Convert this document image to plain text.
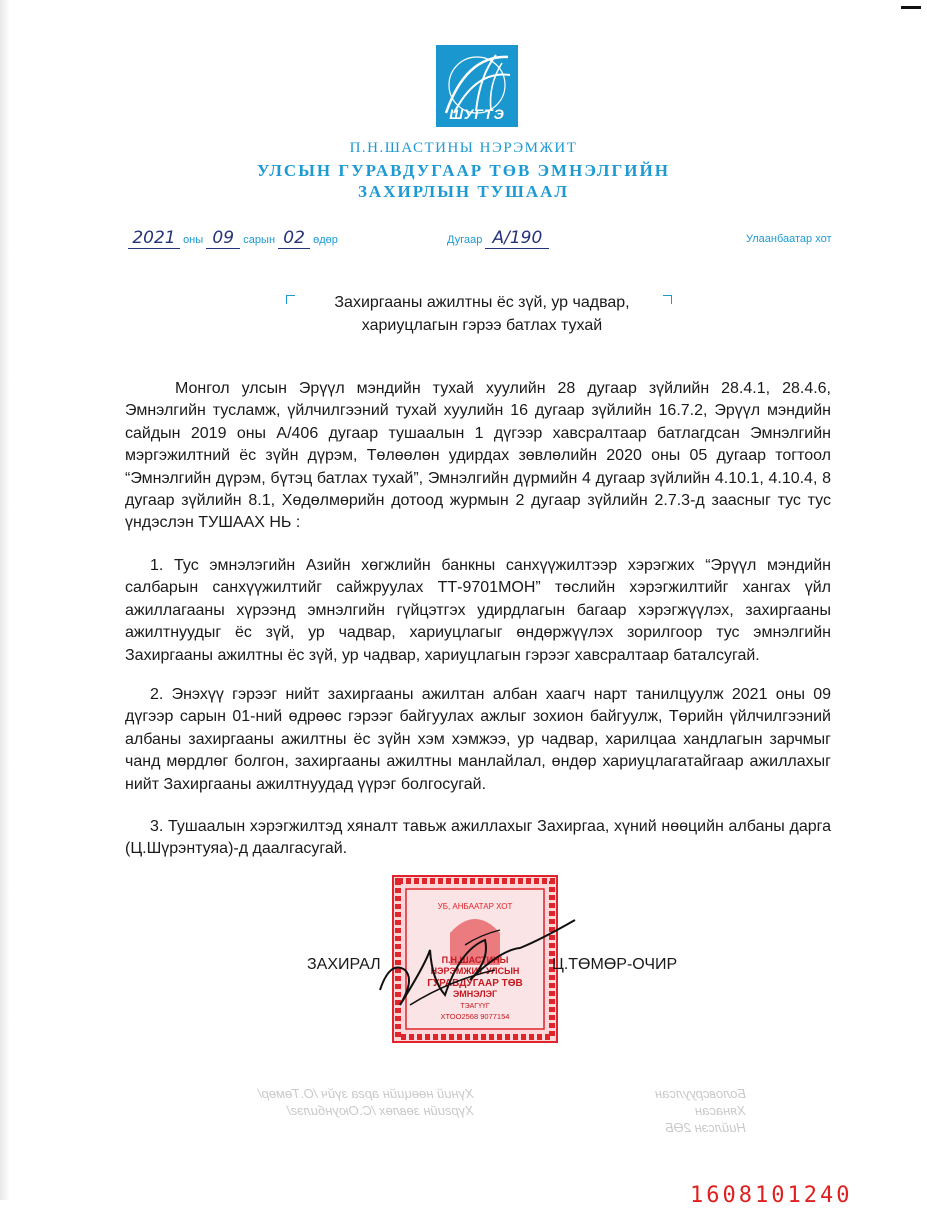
ШУГТЭ
П.Н.ШАСТИНЫ НЭРЭМЖИТ
УЛСЫН ГУРАВДУГААР ТӨВ ЭМНЭЛГИЙН
ЗАХИРЛЫН ТУШААЛ
2021 оны 09 сарын 02 өдөр	Дугаар А/190	Улаанбаатар хот
Захиргааны ажилтны ёс зүй, ур чадвар,
хариуцлагын гэрээ батлах тухай
Монгол улсын Эрүүл мэндийн тухай хуулийн 28 дугаар зүйлийн 28.4.1, 28.4.6, Эмнэлгийн тусламж, үйлчилгээний тухай хуулийн 16 дугаар зүйлийн 16.7.2, Эрүүл мэндийн сайдын 2019 оны А/406 дугаар тушаалын 1 дүгээр хавсралтаар батлагдсан Эмнэлгийн мэргэжилтний ёс зүйн дүрэм, Төлөөлөн удирдах зөвлөлийн 2020 оны 05 дугаар тогтоол “Эмнэлгийн дүрэм, бүтэц батлах тухай”, Эмнэлгийн дүрмийн 4 дугаар зүйлийн 4.10.1, 4.10.4, 8 дугаар зүйлийн 8.1, Хөдөлмөрийн дотоод журмын 2 дугаар зүйлийн 2.7.3-д заасныг тус тус үндэслэн ТУШААХ НЬ :
1. Тус эмнэлэгийн Азийн хөгжлийн банкны санхүүжилтээр хэрэгжих “Эрүүл мэндийн салбарын санхүүжилтийг сайжруулах ТТ-9701МОН” төслийн хэрэгжилтийг хангах үйл ажиллагааны хүрээнд эмнэлгийн гүйцэтгэх удирдлагын багаар хэрэгжүүлэх, захиргааны ажилтнуудыг ёс зүй, ур чадвар, хариуцлагыг өндөржүүлэх зорилгоор тус эмнэлгийн Захиргааны ажилтны ёс зүй, ур чадвар, хариуцлагын гэрээг хавсралтаар баталсугай.
2. Энэхүү гэрээг нийт захиргааны ажилтан албан хаагч нарт танилцуулж 2021 оны 09 дүгээр сарын 01-ний өдрөөс гэрээг байгуулах ажлыг зохион байгуулж, Төрийн үйлчилгээний албаны захиргааны ажилтны ёс зүйн хэм хэмжээ, ур чадвар, харилцаа хандлагын зарчмыг чанд мөрдлөг болгон, захиргааны ажилтны манлайлал, өндөр хариуцлагатайгаар ажиллахыг нийт Захиргааны ажилтнуудад үүрэг болгосугай.
3. Тушаалын хэрэгжилтэд хяналт тавьж ажиллахыг Захиргаа, хүний нөөцийн албаны дарга (Ц.Шүрэнтуяа)-д даалгасугай.
УБ, АНБААТАР ХОТ
П.Н.ШАСТИНЫ
НЭРЭМЖИТ УЛСЫН
ГУРАВДУГААР ТӨВ
ЭМНЭЛЭГ
ТЭАГҮҮГ
ХТОО2568 9077154
ЗАХИРАЛ	Ц.ТӨМӨР-ОЧИР
Хүний нөөцийн арга зүйч /О.Төмөр/
Хүргийн зөвлөх /С.Оюунбилэг/
Боловсруулсан
Хянасан
Нийлсэн 2ӨБ
1608101240
